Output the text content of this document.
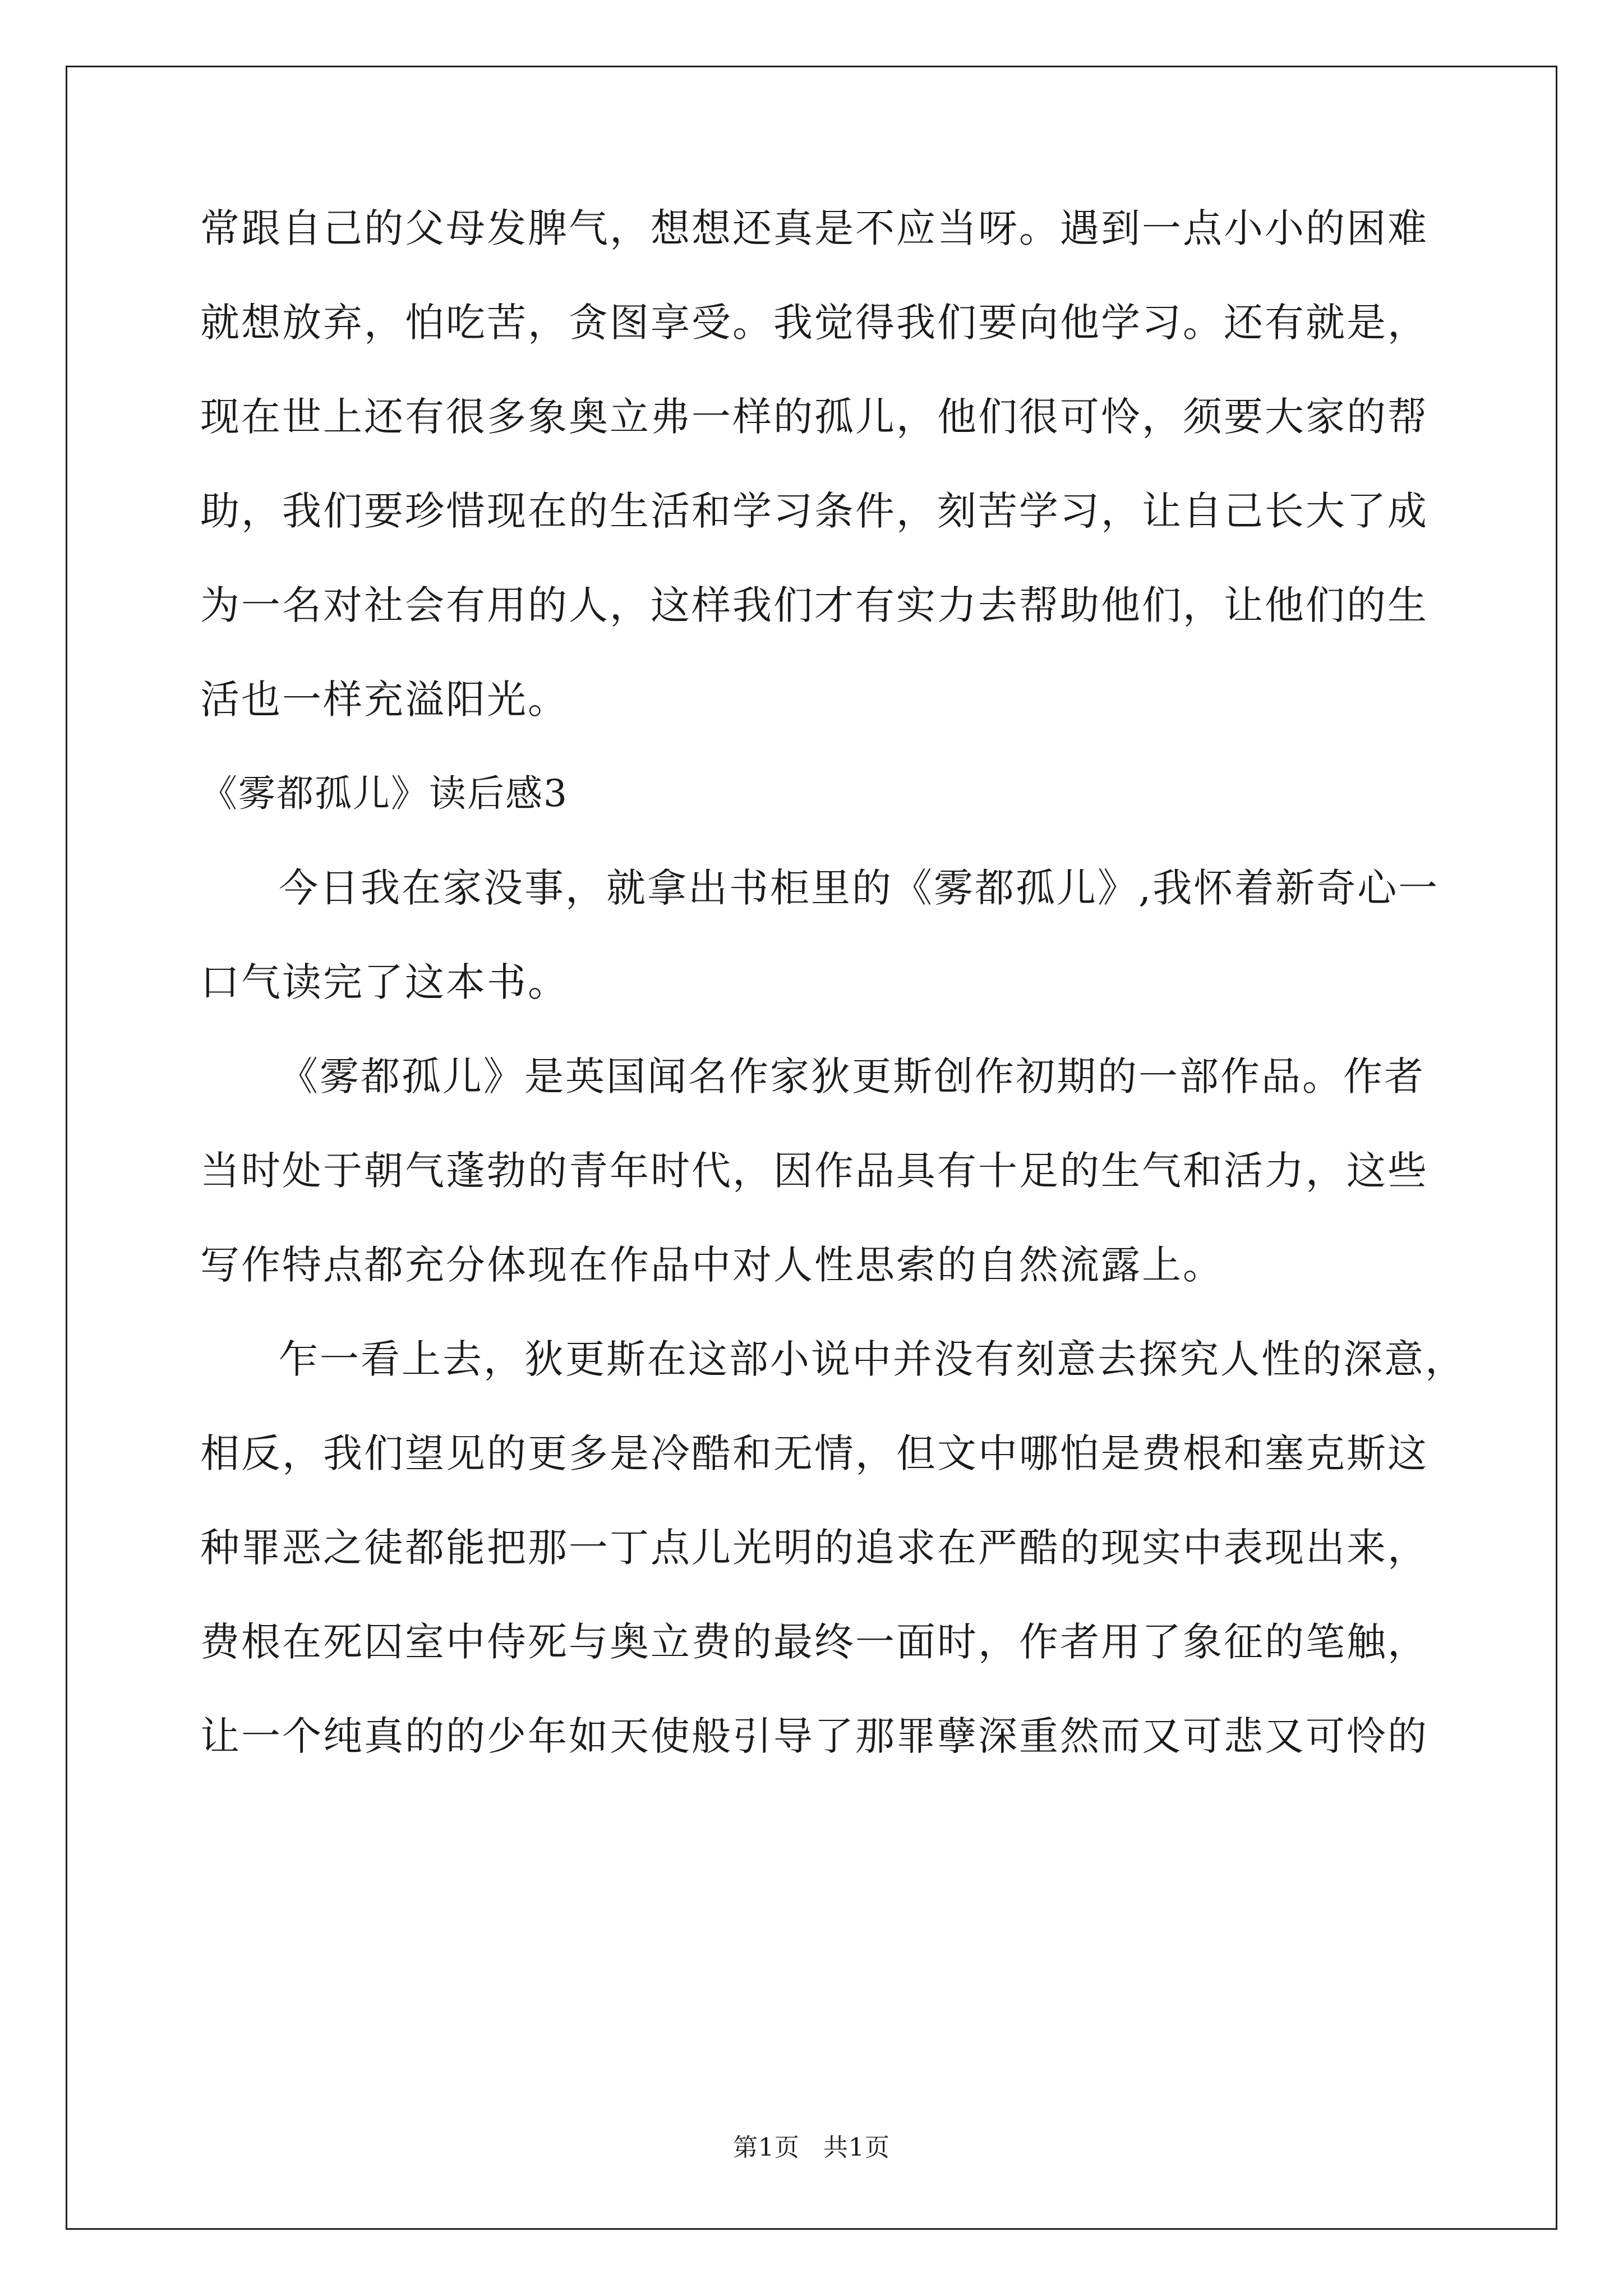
常跟自己的父母发脾气，想想还真是不应当呀。遇到一点小小的困难
就想放弃，怕吃苦，贪图享受。我觉得我们要向他学习。还有就是，
现在世上还有很多象奥立弗一样的孤儿，他们很可怜，须要大家的帮
助，我们要珍惜现在的生活和学习条件，刻苦学习，让自己长大了成
为一名对社会有用的人，这样我们才有实力去帮助他们，让他们的生
活也一样充溢阳光。
《雾都孤儿》读后感3
今日我在家没事，就拿出书柜里的《雾都孤儿》,我怀着新奇心一
口气读完了这本书。
《雾都孤儿》是英国闻名作家狄更斯创作初期的一部作品。作者
当时处于朝气蓬勃的青年时代，因作品具有十足的生气和活力，这些
写作特点都充分体现在作品中对人性思索的自然流露上。
乍一看上去，狄更斯在这部小说中并没有刻意去探究人性的深意，
相反，我们望见的更多是冷酷和无情，但文中哪怕是费根和塞克斯这
种罪恶之徒都能把那一丁点儿光明的追求在严酷的现实中表现出来，
费根在死囚室中侍死与奥立费的最终一面时，作者用了象征的笔触，
让一个纯真的的少年如天使般引导了那罪孽深重然而又可悲又可怜的
第1页 共1页
